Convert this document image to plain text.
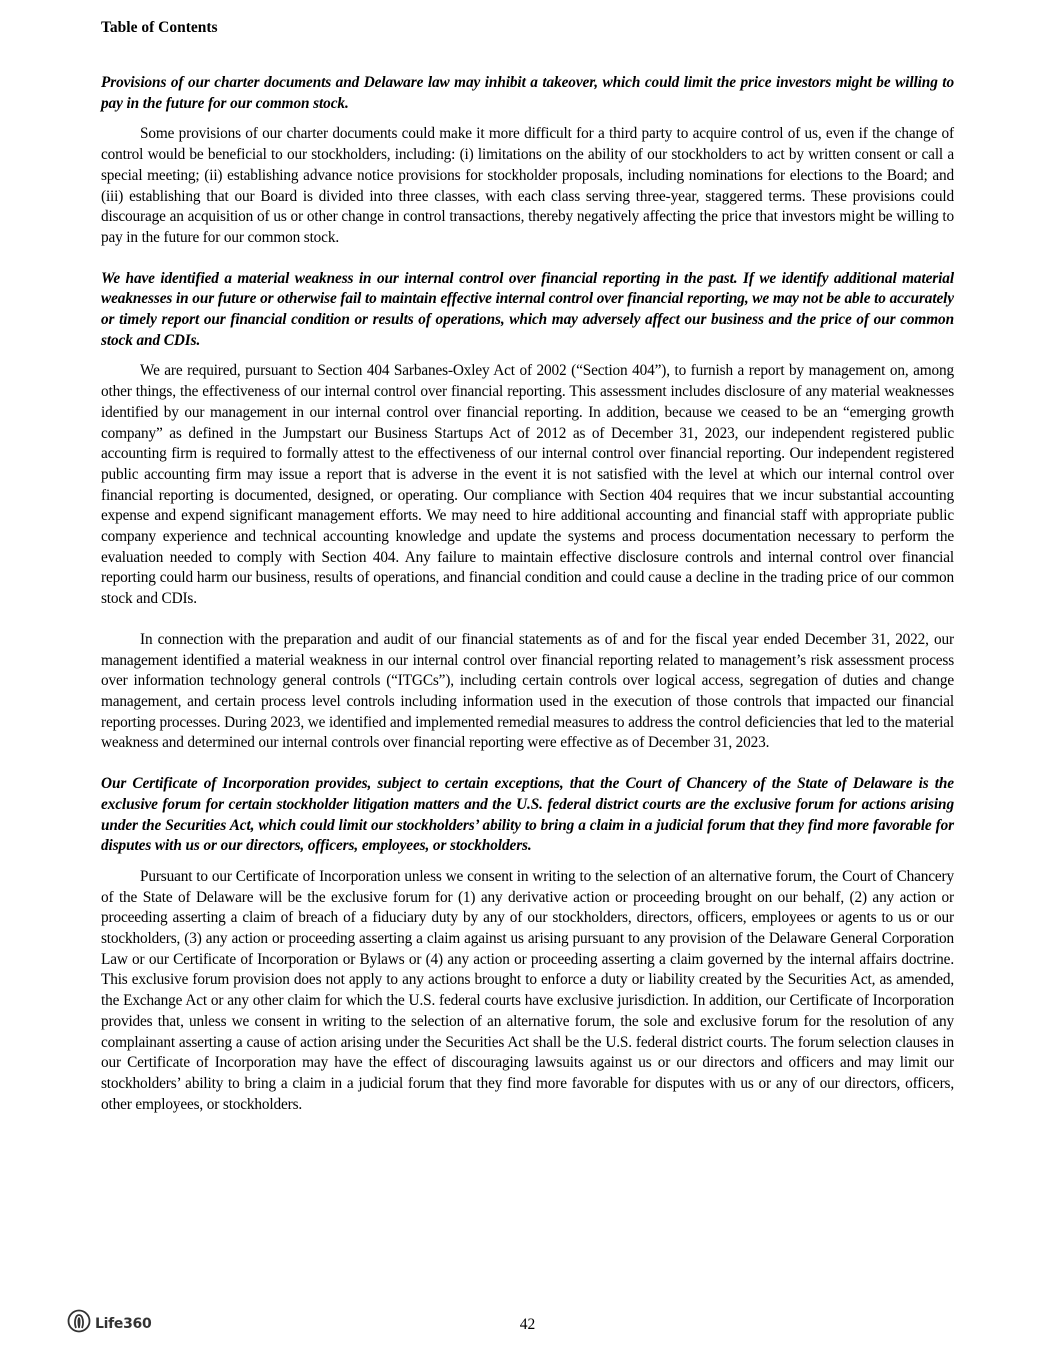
Table of Contents

Provisions of our charter documents and Delaware law may inhibit a takeover, which could limit the price investors might be willing to pay in the future for our common stock.

Some provisions of our charter documents could make it more difficult for a third party to acquire control of us, even if the change of control would be beneficial to our stockholders, including: (i) limitations on the ability of our stockholders to act by written consent or call a special meeting; (ii) establishing advance notice provisions for stockholder proposals, including nominations for elections to the Board; and (iii) establishing that our Board is divided into three classes, with each class serving three-year, staggered terms. These provisions could discourage an acquisition of us or other change in control transactions, thereby negatively affecting the price that investors might be willing to pay in the future for our common stock.

We have identified a material weakness in our internal control over financial reporting in the past. If we identify additional material weaknesses in our future or otherwise fail to maintain effective internal control over financial reporting, we may not be able to accurately or timely report our financial condition or results of operations, which may adversely affect our business and the price of our common stock and CDIs.

We are required, pursuant to Section 404 Sarbanes-Oxley Act of 2002 (“Section 404”), to furnish a report by management on, among other things, the effectiveness of our internal control over financial reporting. This assessment includes disclosure of any material weaknesses identified by our management in our internal control over financial reporting. In addition, because we ceased to be an “emerging growth company” as defined in the Jumpstart our Business Startups Act of 2012 as of December 31, 2023, our independent registered public accounting firm is required to formally attest to the effectiveness of our internal control over financial reporting. Our independent registered public accounting firm may issue a report that is adverse in the event it is not satisfied with the level at which our internal control over financial reporting is documented, designed, or operating. Our compliance with Section 404 requires that we incur substantial accounting expense and expend significant management efforts. We may need to hire additional accounting and financial staff with appropriate public company experience and technical accounting knowledge and update the systems and process documentation necessary to perform the evaluation needed to comply with Section 404. Any failure to maintain effective disclosure controls and internal control over financial reporting could harm our business, results of operations, and financial condition and could cause a decline in the trading price of our common stock and CDIs.

In connection with the preparation and audit of our financial statements as of and for the fiscal year ended December 31, 2022, our management identified a material weakness in our internal control over financial reporting related to management’s risk assessment process over information technology general controls (“ITGCs”), including certain controls over logical access, segregation of duties and change management, and certain process level controls including information used in the execution of those controls that impacted our financial reporting processes. During 2023, we identified and implemented remedial measures to address the control deficiencies that led to the material weakness and determined our internal controls over financial reporting were effective as of December 31, 2023.

Our Certificate of Incorporation provides, subject to certain exceptions, that the Court of Chancery of the State of Delaware is the exclusive forum for certain stockholder litigation matters and the U.S. federal district courts are the exclusive forum for actions arising under the Securities Act, which could limit our stockholders’ ability to bring a claim in a judicial forum that they find more favorable for disputes with us or our directors, officers, employees, or stockholders.

Pursuant to our Certificate of Incorporation unless we consent in writing to the selection of an alternative forum, the Court of Chancery of the State of Delaware will be the exclusive forum for (1) any derivative action or proceeding brought on our behalf, (2) any action or proceeding asserting a claim of breach of a fiduciary duty by any of our stockholders, directors, officers, employees or agents to us or our stockholders, (3) any action or proceeding asserting a claim against us arising pursuant to any provision of the Delaware General Corporation Law or our Certificate of Incorporation or Bylaws or (4) any action or proceeding asserting a claim governed by the internal affairs doctrine. This exclusive forum provision does not apply to any actions brought to enforce a duty or liability created by the Securities Act, as amended, the Exchange Act or any other claim for which the U.S. federal courts have exclusive jurisdiction. In addition, our Certificate of Incorporation provides that, unless we consent in writing to the selection of an alternative forum, the sole and exclusive forum for the resolution of any complainant asserting a cause of action arising under the Securities Act shall be the U.S. federal district courts. The forum selection clauses in our Certificate of Incorporation may have the effect of discouraging lawsuits against us or our directors and officers and may limit our stockholders’ ability to bring a claim in a judicial forum that they find more favorable for disputes with us or any of our directors, officers, other employees, or stockholders.

Life360	42
